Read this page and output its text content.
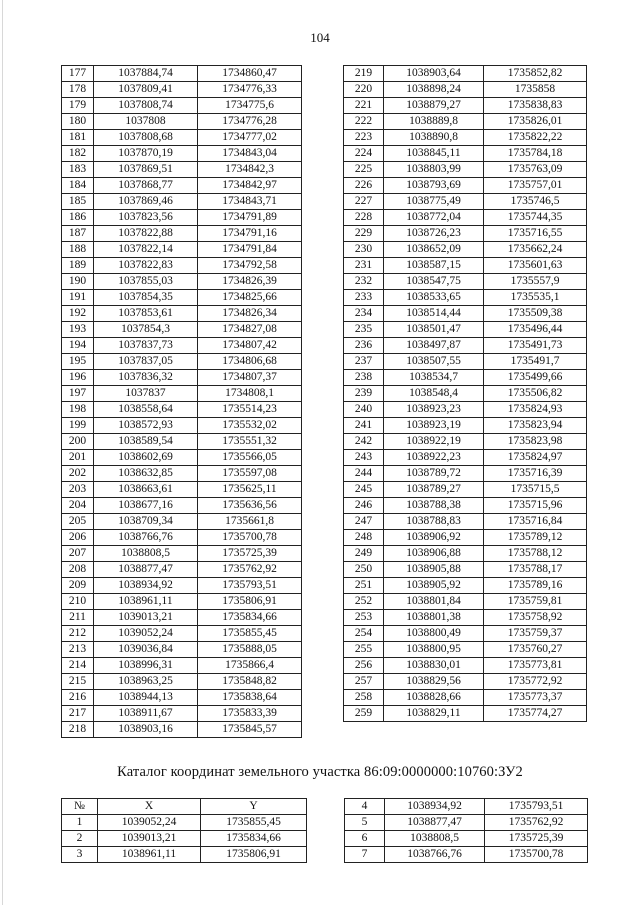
104
177	1037884,74	1734860,47
178	1037809,41	1734776,33
179	1037808,74	1734775,6
180	1037808	1734776,28
181	1037808,68	1734777,02
182	1037870,19	1734843,04
183	1037869,51	1734842,3
184	1037868,77	1734842,97
185	1037869,46	1734843,71
186	1037823,56	1734791,89
187	1037822,88	1734791,16
188	1037822,14	1734791,84
189	1037822,83	1734792,58
190	1037855,03	1734826,39
191	1037854,35	1734825,66
192	1037853,61	1734826,34
193	1037854,3	1734827,08
194	1037837,73	1734807,42
195	1037837,05	1734806,68
196	1037836,32	1734807,37
197	1037837	1734808,1
198	1038558,64	1735514,23
199	1038572,93	1735532,02
200	1038589,54	1735551,32
201	1038602,69	1735566,05
202	1038632,85	1735597,08
203	1038663,61	1735625,11
204	1038677,16	1735636,56
205	1038709,34	1735661,8
206	1038766,76	1735700,78
207	1038808,5	1735725,39
208	1038877,47	1735762,92
209	1038934,92	1735793,51
210	1038961,11	1735806,91
211	1039013,21	1735834,66
212	1039052,24	1735855,45
213	1039036,84	1735888,05
214	1038996,31	1735866,4
215	1038963,25	1735848,82
216	1038944,13	1735838,64
217	1038911,67	1735833,39
218	1038903,16	1735845,57
219	1038903,64	1735852,82
220	1038898,24	1735858
221	1038879,27	1735838,83
222	1038889,8	1735826,01
223	1038890,8	1735822,22
224	1038845,11	1735784,18
225	1038803,99	1735763,09
226	1038793,69	1735757,01
227	1038775,49	1735746,5
228	1038772,04	1735744,35
229	1038726,23	1735716,55
230	1038652,09	1735662,24
231	1038587,15	1735601,63
232	1038547,75	1735557,9
233	1038533,65	1735535,1
234	1038514,44	1735509,38
235	1038501,47	1735496,44
236	1038497,87	1735491,73
237	1038507,55	1735491,7
238	1038534,7	1735499,66
239	1038548,4	1735506,82
240	1038923,23	1735824,93
241	1038923,19	1735823,94
242	1038922,19	1735823,98
243	1038922,23	1735824,97
244	1038789,72	1735716,39
245	1038789,27	1735715,5
246	1038788,38	1735715,96
247	1038788,83	1735716,84
248	1038906,92	1735789,12
249	1038906,88	1735788,12
250	1038905,88	1735788,17
251	1038905,92	1735789,16
252	1038801,84	1735759,81
253	1038801,38	1735758,92
254	1038800,49	1735759,37
255	1038800,95	1735760,27
256	1038830,01	1735773,81
257	1038829,56	1735772,92
258	1038828,66	1735773,37
259	1038829,11	1735774,27
Каталог координат земельного участка 86:09:0000000:10760:ЗУ2
№	X	Y
1	1039052,24	1735855,45
2	1039013,21	1735834,66
3	1038961,11	1735806,91
4	1038934,92	1735793,51
5	1038877,47	1735762,92
6	1038808,5	1735725,39
7	1038766,76	1735700,78
